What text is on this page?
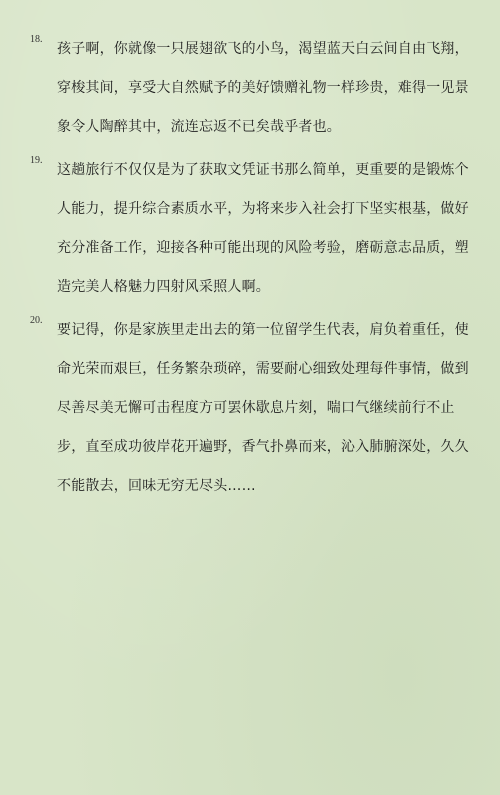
18.
孩子啊，你就像一只展翅欲飞的小鸟，渴望蓝天白云间自由飞翔，穿梭其间，享受大自然赋予的美好馈赠礼物一样珍贵，难得一见景象令人陶醉其中，流连忘返不已矣哉乎者也。
19.
这趟旅行不仅仅是为了获取文凭证书那么简单，更重要的是锻炼个人能力，提升综合素质水平，为将来步入社会打下坚实根基，做好充分准备工作，迎接各种可能出现的风险考验，磨砺意志品质，塑造完美人格魅力四射风采照人啊。
20.
要记得，你是家族里走出去的第一位留学生代表，肩负着重任，使命光荣而艰巨，任务繁杂琐碎，需要耐心细致处理每件事情，做到尽善尽美无懈可击程度方可罢休歇息片刻，喘口气继续前行不止步，直至成功彼岸花开遍野，香气扑鼻而来，沁入肺腑深处，久久不能散去，回味无穷无尽头……
